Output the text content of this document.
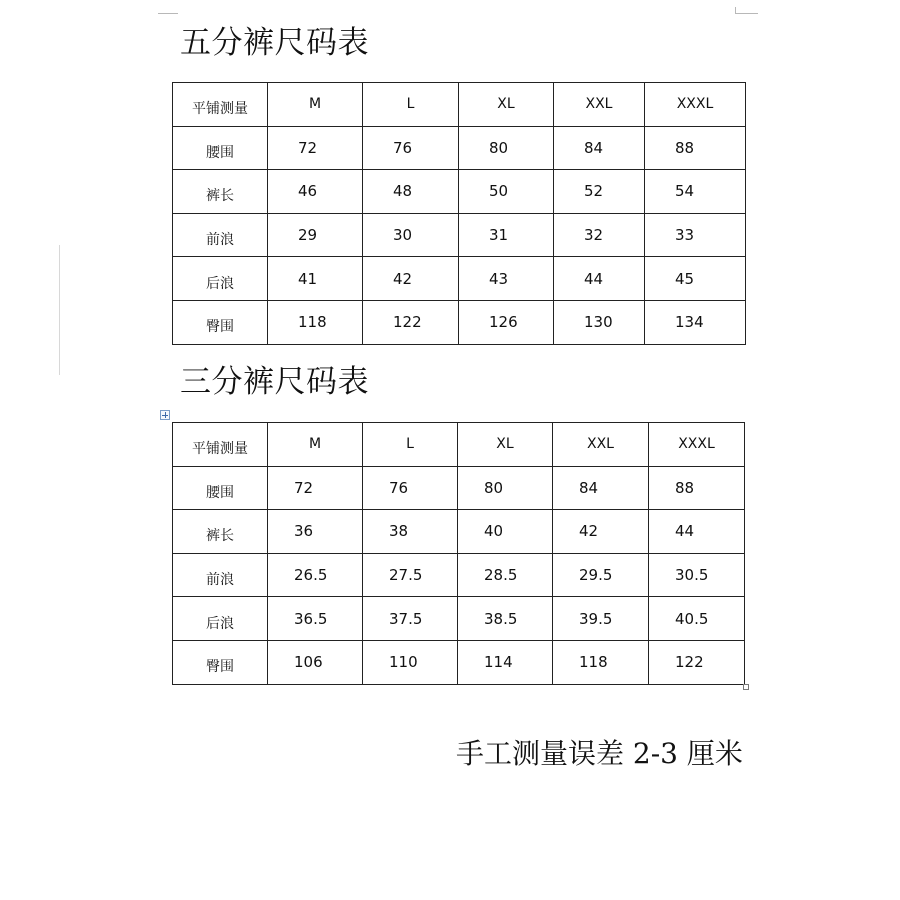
五分裤尺码表
平铺测量	M	L	XL	XXL	XXXL
腰围	72	76	80	84	88
裤长	46	48	50	52	54
前浪	29	30	31	32	33
后浪	41	42	43	44	45
臀围	118	122	126	130	134
三分裤尺码表
平铺测量	M	L	XL	XXL	XXXL
腰围	72	76	80	84	88
裤长	36	38	40	42	44
前浪	26.5	27.5	28.5	29.5	30.5
后浪	36.5	37.5	38.5	39.5	40.5
臀围	106	110	114	118	122

手工测量误差 2-3 厘米
